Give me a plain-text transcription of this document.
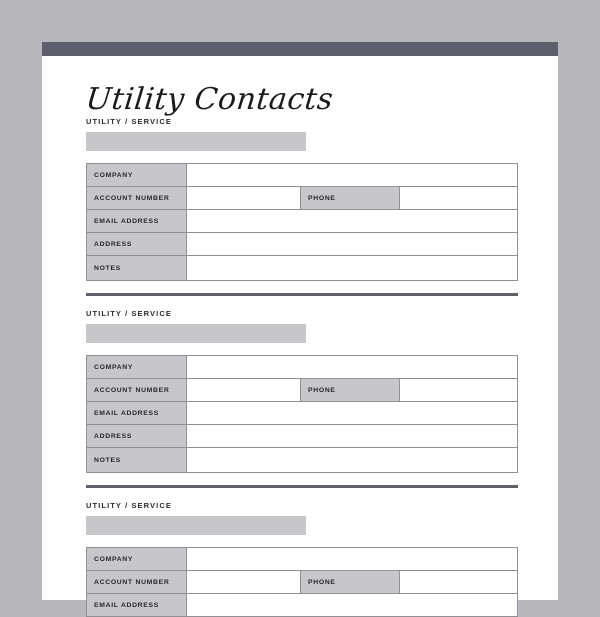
Utility Contacts
UTILITY / SERVICE
COMPANY
ACCOUNT NUMBER	PHONE
EMAIL ADDRESS
ADDRESS
NOTES
UTILITY / SERVICE
COMPANY
ACCOUNT NUMBER	PHONE
EMAIL ADDRESS
ADDRESS
NOTES
UTILITY / SERVICE
COMPANY
ACCOUNT NUMBER	PHONE
EMAIL ADDRESS
